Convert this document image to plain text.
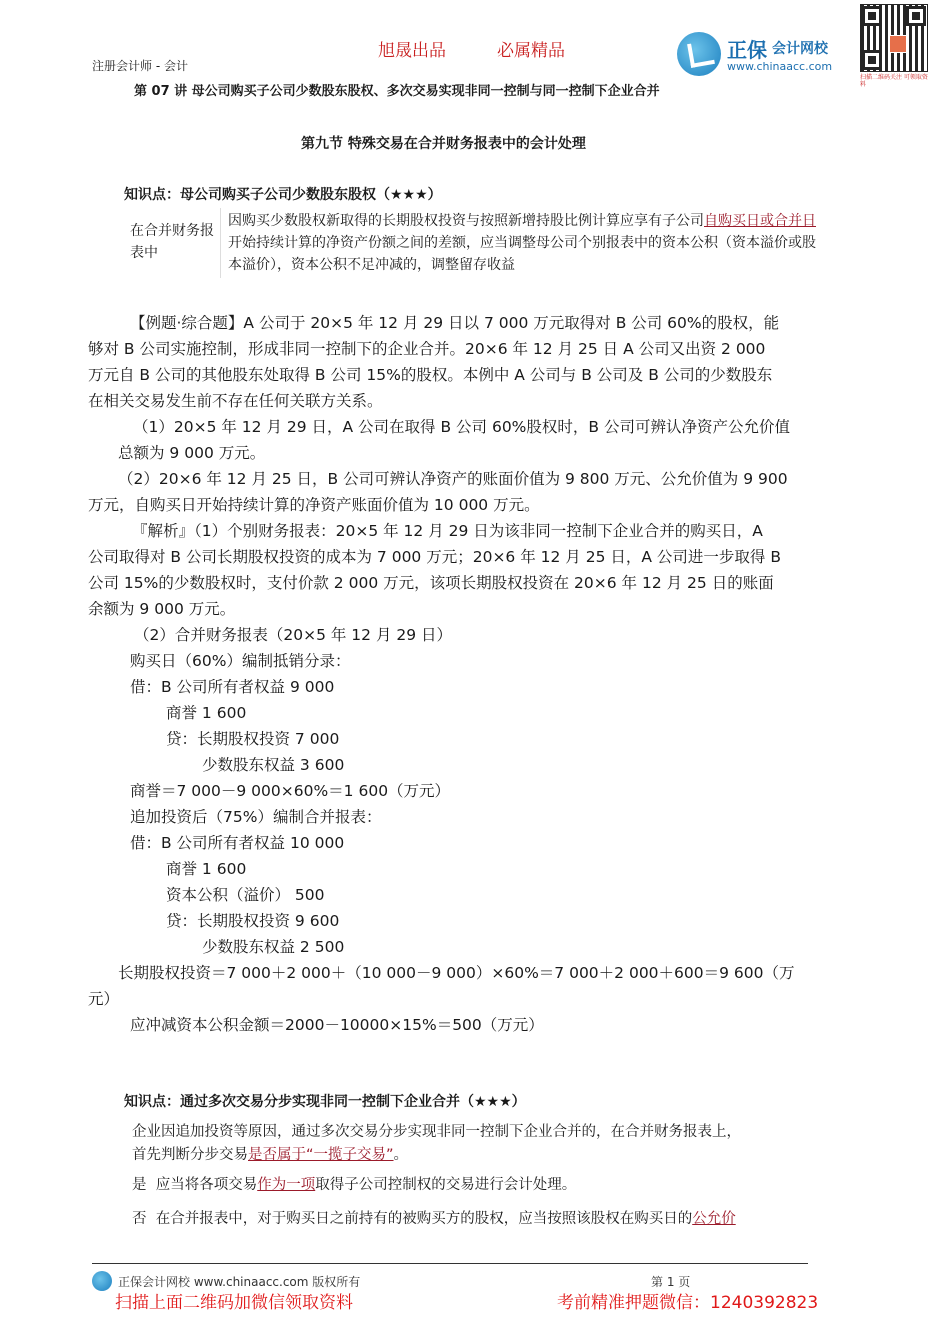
旭晟出品	必属精品
注册会计师 - 会计
正保 会计网校
www.chinaacc.com
扫描二维码关注 可领取资料
第 07 讲 母公司购买子公司少数股东股权、多次交易实现非同一控制与同一控制下企业合并
第九节 特殊交易在合并财务报表中的会计处理
知识点：母公司购买子公司少数股东股权（★★★）
在合并财务报表中
因购买少数股权新取得的长期股权投资与按照新增持股比例计算应享有子公司自购买日或合并日开始持续计算的净资产份额之间的差额，应当调整母公司个别报表中的资本公积（资本溢价或股本溢价），资本公积不足冲减的，调整留存收益
【例题·综合题】A 公司于 20×5 年 12 月 29 日以 7 000 万元取得对 B 公司 60%的股权，能
够对 B 公司实施控制，形成非同一控制下的企业合并。20×6 年 12 月 25 日 A 公司又出资 2 000
万元自 B 公司的其他股东处取得 B 公司 15%的股权。本例中 A 公司与 B 公司及 B 公司的少数股东
在相关交易发生前不存在任何关联方关系。
（1）20×5 年 12 月 29 日，A 公司在取得 B 公司 60%股权时，B 公司可辨认净资产公允价值
总额为 9 000 万元。
（2）20×6 年 12 月 25 日，B 公司可辨认净资产的账面价值为 9 800 万元、公允价值为 9 900
万元，自购买日开始持续计算的净资产账面价值为 10 000 万元。
『解析』（1）个别财务报表：20×5 年 12 月 29 日为该非同一控制下企业合并的购买日，A
公司取得对 B 公司长期股权投资的成本为 7 000 万元；20×6 年 12 月 25 日，A 公司进一步取得 B
公司 15%的少数股权时，支付价款 2 000 万元，该项长期股权投资在 20×6 年 12 月 25 日的账面
余额为 9 000 万元。
（2）合并财务报表（20×5 年 12 月 29 日）
购买日（60%）编制抵销分录：
借：B 公司所有者权益 9 000
商誉 1 600
贷：长期股权投资 7 000
少数股东权益 3 600
商誉＝7 000－9 000×60%＝1 600（万元）
追加投资后（75%）编制合并报表：
借：B 公司所有者权益 10 000
商誉 1 600
资本公积（溢价） 500
贷：长期股权投资 9 600
少数股东权益 2 500
长期股权投资＝7 000＋2 000＋（10 000－9 000）×60%＝7 000＋2 000＋600＝9 600（万
元）
应冲减资本公积金额＝2000－10000×15%＝500（万元）
知识点：通过多次交易分步实现非同一控制下企业合并（★★★）
企业因追加投资等原因，通过多次交易分步实现非同一控制下企业合并的，在合并财务报表上，
首先判断分步交易是否属于“一揽子交易”。
是 应当将各项交易作为一项取得子公司控制权的交易进行会计处理。
否 在合并报表中，对于购买日之前持有的被购买方的股权，应当按照该股权在购买日的公允价
正保会计网校 www.chinaacc.com 版权所有	第 1 页
扫描上面二维码加微信领取资料	考前精准押题微信：1240392823
